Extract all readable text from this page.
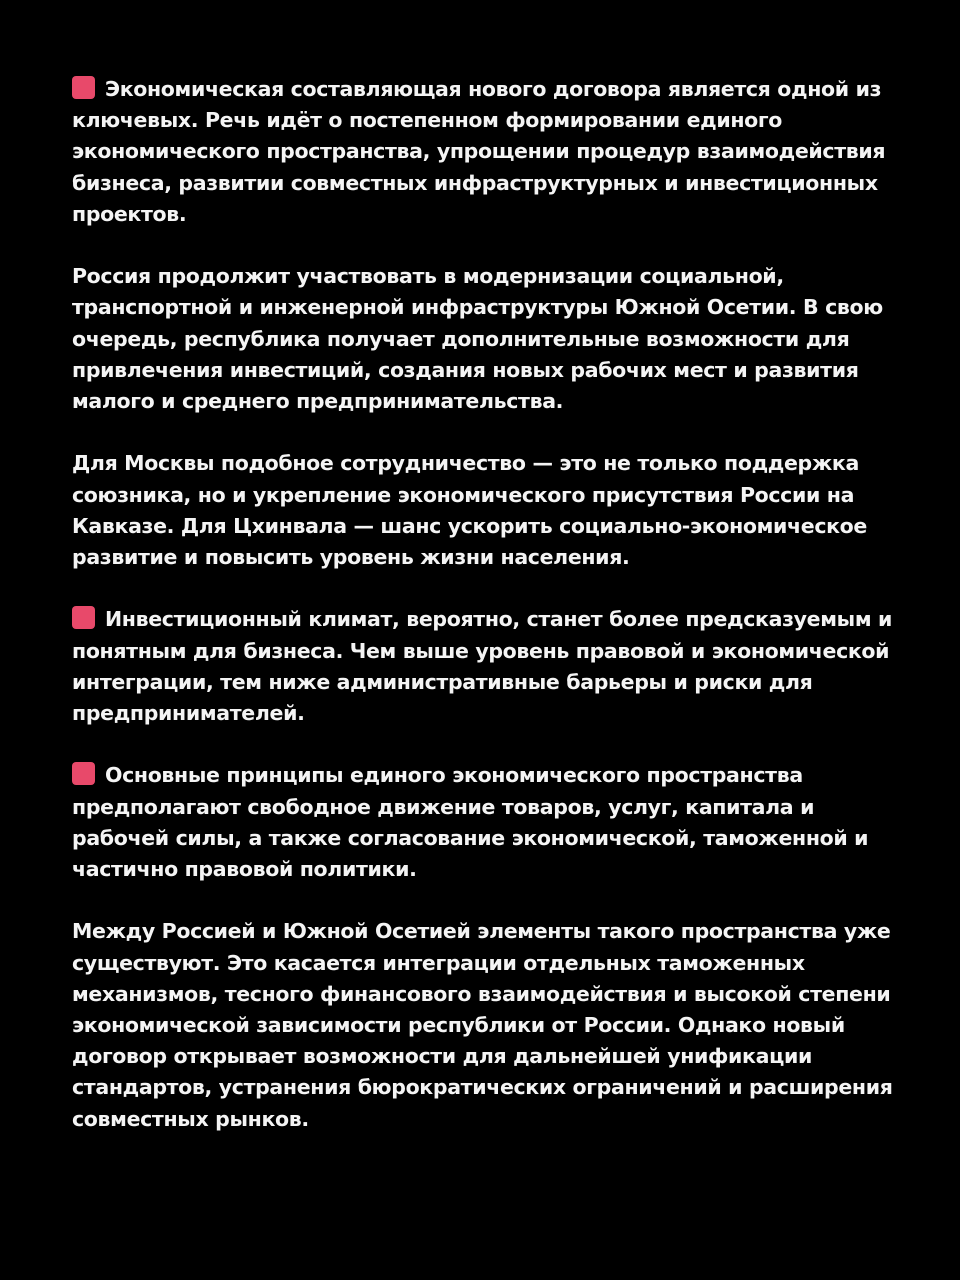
Экономическая составляющая нового договора является одной из ключевых. Речь идёт о постепенном формировании единого экономического пространства, упрощении процедур взаимодействия бизнеса, развитии совместных инфраструктурных и инвестиционных проектов.

Россия продолжит участвовать в модернизации социальной, транспортной и инженерной инфраструктуры Южной Осетии. В свою очередь, республика получает дополнительные возможности для привлечения инвестиций, создания новых рабочих мест и развития малого и среднего предпринимательства.

Для Москвы подобное сотрудничество — это не только поддержка союзника, но и укрепление экономического присутствия России на Кавказе. Для Цхинвала — шанс ускорить социально-экономическое развитие и повысить уровень жизни населения.

Инвестиционный климат, вероятно, станет более предсказуемым и понятным для бизнеса. Чем выше уровень правовой и экономической интеграции, тем ниже административные барьеры и риски для предпринимателей.

Основные принципы единого экономического пространства предполагают свободное движение товаров, услуг, капитала и рабочей силы, а также согласование экономической, таможенной и частично правовой политики.

Между Россией и Южной Осетией элементы такого пространства уже существуют. Это касается интеграции отдельных таможенных механизмов, тесного финансового взаимодействия и высокой степени экономической зависимости республики от России. Однако новый договор открывает возможности для дальнейшей унификации стандартов, устранения бюрократических ограничений и расширения совместных рынков.
